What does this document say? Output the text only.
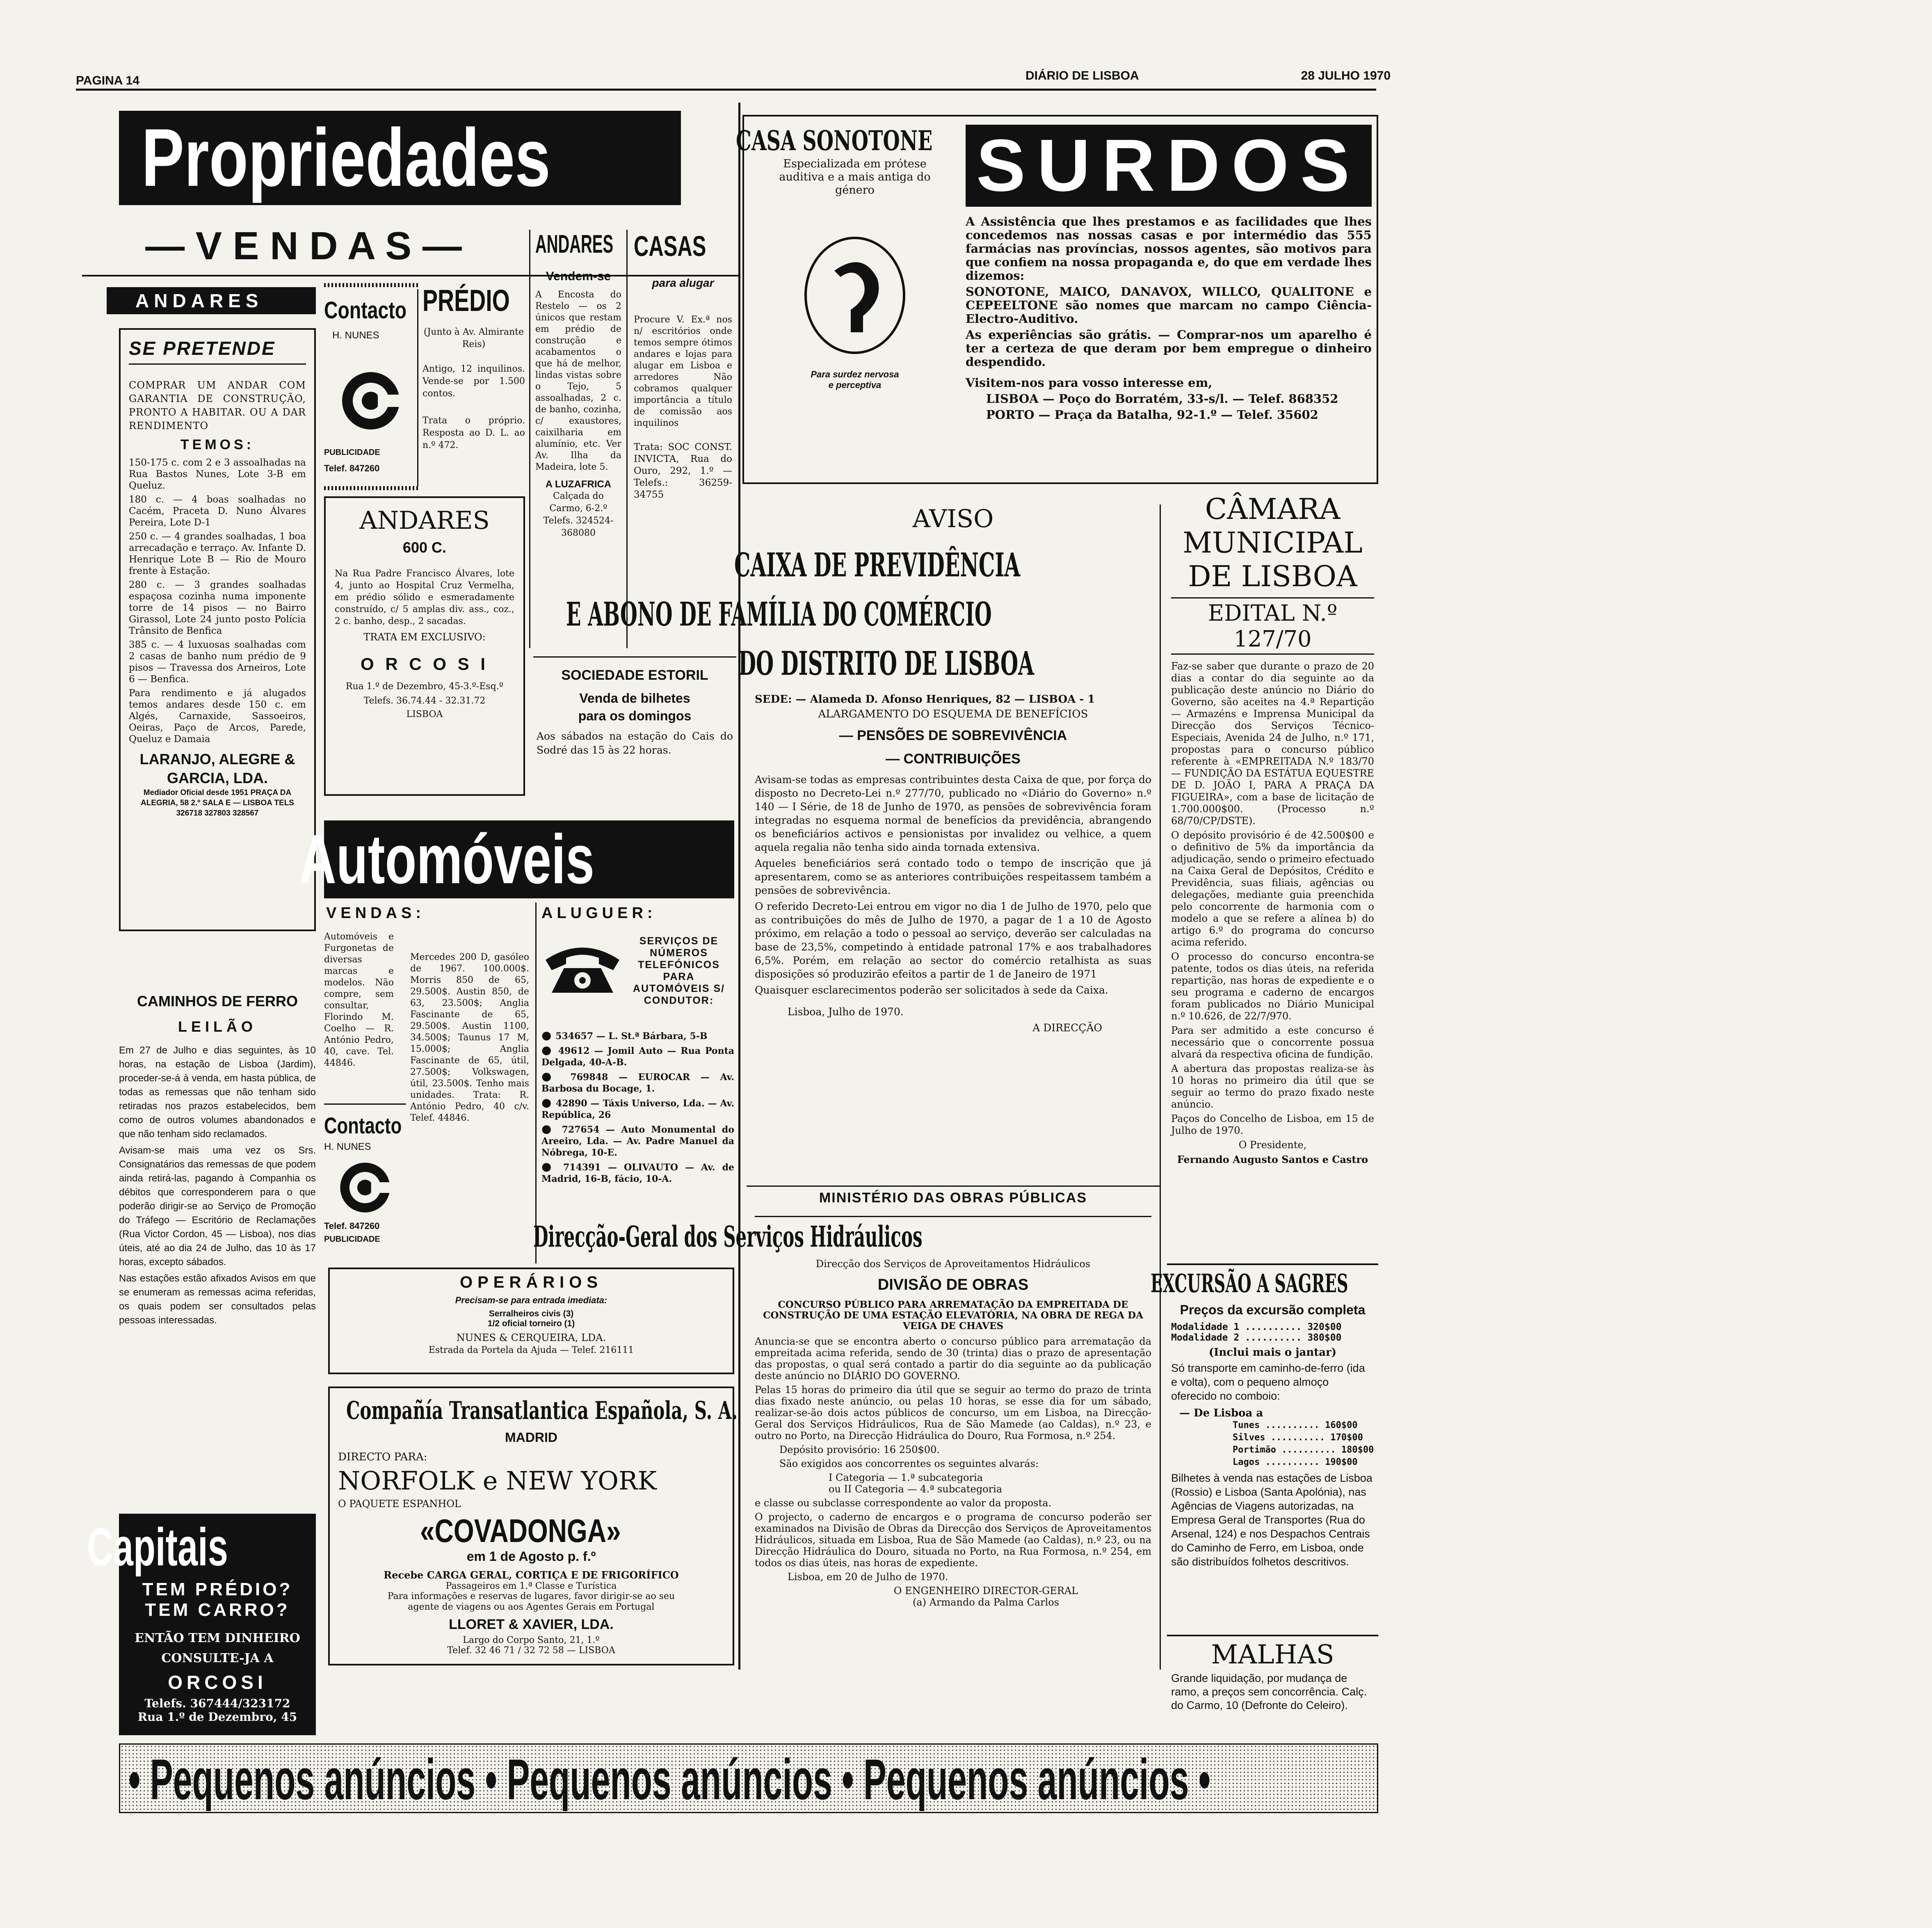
PAGINA 14	DIÁRIO DE LISBOA	28 JULHO 1970
Propriedades
— V E N D A S —
ANDARES
SE PRETENDE
COMPRAR UM ANDAR COM GARANTIA DE CONSTRUÇÃO, PRONTO A HABITAR. OU A DAR RENDIMENTO
TEMOS:

150-175 c. com 2 e 3 assoalhadas na Rua Bastos Nunes, Lote 3-B em Queluz.

180 c. — 4 boas soalhadas no Cacém, Praceta D. Nuno Álvares Pereira, Lote D-1

250 c. — 4 grandes soalhadas, 1 boa arrecadação e terraço. Av. Infante D. Henrique Lote B — Rio de Mouro frente à Estação.

280 c. — 3 grandes soalhadas espaçosa cozinha numa imponente torre de 14 pisos — no Bairro Girassol, Lote 24 junto posto Polícia Trânsito de Benfica

385 c. — 4 luxuosas soalhadas com 2 casas de banho num prédio de 9 pisos — Travessa dos Arneiros, Lote 6 — Benfica.

Para rendimento e já alugados temos andares desde 150 c. em Algés, Carnaxide, Sassoeiros, Oeiras, Paço de Arcos, Parede, Queluz e Damaia

LARANJO, ALEGRE & GARCIA, LDA.
Mediador Oficial desde 1951 PRAÇA DA ALEGRIA, 58 2.º SALA E — LISBOA TELS 326718 327803 328567
Contacto
H. NUNES
PUBLICIDADE
Telef. 847260
PRÉDIO
(Junto à Av. Almirante Reis)
Antigo, 12 inquilinos. Vende-se por 1.500 contos.
Trata o próprio. Resposta ao D. L. ao n.º 472.
ANDARES
600 C.
Na Rua Padre Francisco Álvares, lote 4, junto ao Hospital Cruz Vermelha, em prédio sólido e esmeradamente construído, c/ 5 amplas div. ass., coz., 2 c. banho, desp., 2 sacadas.
TRATA EM EXCLUSIVO:
O R C O S I
Rua 1.º de Dezembro, 45-3.º-Esq.º
Telefs. 36.74.44 - 32.31.72
LISBOA
ANDARES
Vendem-se
A Encosta do Restelo — os 2 únicos que restam em prédio de construção e acabamentos o que há de melhor, lindas vistas sobre o Tejo, 5 assoalhadas, 2 c. de banho, cozinha, c/ exaustores, caixilharia em alumínio, etc. Ver Av. Ilha da Madeira, lote 5.
A LUZAFRICA
Calçada do Carmo, 6-2.º Telefs. 324524-368080
CASAS
para alugar
Procure V. Ex.ª nos n/ escritórios onde temos sempre ótimos andares e lojas para alugar em Lisboa e arredores Não cobramos qualquer importância a título de comissão aos inquilinos
Trata: SOC CONST. INVICTA, Rua do Ouro, 292, 1.º — Telefs.: 36259-34755
SOCIEDADE ESTORIL
Venda de bilhetes
para os domingos
Aos sábados na estação do Cais do Sodré das 15 às 22 horas.
CAMINHOS DE FERRO
LEILÃO

Em 27 de Julho e dias seguintes, às 10 horas, na estação de Lisboa (Jardim), proceder-se-á à venda, em hasta pública, de todas as remessas que não tenham sido retiradas nos prazos estabelecidos, bem como de outros volumes abandonados e que não tenham sido reclamados.

Avisam-se mais uma vez os Srs. Consignatários das remessas de que podem ainda retirá-las, pagando à Companhia os débitos que corresponderem para o que poderão dirigir-se ao Serviço de Promoção do Tráfego — Escritório de Reclamações (Rua Victor Cordon, 45 — Lisboa), nos dias úteis, até ao dia 24 de Julho, das 10 às 17 horas, excepto sábados.

Nas estações estão afixados Avisos em que se enumeram as remessas acima referidas, os quais podem ser consultados pelas pessoas interessadas.

Automóveis
VENDAS:	ALUGUER:
Automóveis e Furgonetas de diversas marcas e modelos. Não compre, sem consultar, Florindo M. Coelho — R. António Pedro, 40, cave. Tel. 44846.
Mercedes 200 D, gasóleo de 1967. 100.000$. Morris 850 de 65, 29.500$. Austin 850, de 63, 23.500$; Anglia Fascinante de 65, 29.500$. Austin 1100, 34.500$; Taunus 17 M, 15.000$; Anglia Fascinante de 65, útil, 27.500$; Volkswagen, útil, 23.500$. Tenho mais unidades. Trata: R. António Pedro, 40 c/v. Telef. 44846.
Contacto
H. NUNES
Telef. 847260
PUBLICIDADE
SERVIÇOS DE NÚMEROS TELEFÓNICOS PARA AUTOMÓVEIS S/ CONDUTOR:
● 534657 — L. St.ª Bárbara, 5-B
● 49612 — Jomil Auto — Rua Ponta Delgada, 40-A-B.
● 769848 — EUROCAR — Av. Barbosa du Bocage, 1.
● 42890 — Táxis Universo, Lda. — Av. República, 26
● 727654 — Auto Monumental do Areeiro, Lda. — Av. Padre Manuel da Nóbrega, 10-E.
● 714391 — OLIVAUTO — Av. de Madrid, 16-B, fácio, 10-A.
OPERÁRIOS
Precisam-se para entrada imediata:
Serralheiros civis (3)
1/2 oficial torneiro (1)
NUNES & CERQUEIRA, LDA.
Estrada da Portela da Ajuda — Telef. 216111
Compañía Transatlantica Española, S. A.
MADRID
DIRECTO PARA:
NORFOLK e NEW YORK
O PAQUETE ESPANHOL
«COVADONGA»
em 1 de Agosto p. f.º
Recebe CARGA GERAL, CORTIÇA E DE FRIGORÍFICO
Passageiros em 1.ª Classe e Turística
Para informações e reservas de lugares, favor dirigir-se ao seu agente de viagens ou aos Agentes Gerais em Portugal
LLORET & XAVIER, LDA.
Largo do Corpo Santo, 21, 1.º
Telef. 32 46 71 / 32 72 58 — LISBOA
Capitais
TEM PRÉDIO?
TEM CARRO?
ENTÃO TEM DINHEIRO
CONSULTE-JA A
ORCOSI
Telefs. 367444/323172
Rua 1.º de Dezembro, 45
CASA SONOTONE
Especializada em prótese auditiva e a mais antiga do género
Para surdez nervosa e perceptiva
SURDOS

A Assistência que lhes prestamos e as facilidades que lhes concedemos nas nossas casas e por intermédio das 555 farmácias nas províncias, nossos agentes, são motivos para que confiem na nossa propaganda e, do que em verdade lhes dizemos:

SONOTONE, MAICO, DANAVOX, WILLCO, QUALITONE e CEPEELTONE são nomes que marcam no campo Ciência-Electro-Auditivo.

As experiências são grátis. — Comprar-nos um aparelho é ter a certeza de que deram por bem empregue o dinheiro despendido.

Visitem-nos para vosso interesse em,

LISBOA — Poço do Borratém, 33-s/l. — Telef. 868352

PORTO — Praça da Batalha, 92-1.º — Telef. 35602

AVISO
CAIXA DE PREVIDÊNCIA
E ABONO DE FAMÍLIA DO COMÉRCIO
DO DISTRITO DE LISBOA
SEDE: — Alameda D. Afonso Henriques, 82 — LISBOA - 1
ALARGAMENTO DO ESQUEMA DE BENEFÍCIOS
— PENSÕES DE SOBREVIVÊNCIA
— CONTRIBUIÇÕES

Avisam-se todas as empresas contribuintes desta Caixa de que, por força do disposto no Decreto-Lei n.º 277/70, publicado no «Diário do Governo» n.º 140 — I Série, de 18 de Junho de 1970, as pensões de sobrevivência foram integradas no esquema normal de benefícios da previdência, abrangendo os beneficiários activos e pensionistas por invalidez ou velhice, a quem aquela regalia não tenha sido ainda tornada extensiva.

Aqueles beneficiários será contado todo o tempo de inscrição que já apresentarem, como se as anteriores contribuições respeitassem também a pensões de sobrevivência.

O referido Decreto-Lei entrou em vigor no dia 1 de Julho de 1970, pelo que as contribuições do mês de Julho de 1970, a pagar de 1 a 10 de Agosto próximo, em relação a todo o pessoal ao serviço, deverão ser calculadas na base de 23,5%, competindo à entidade patronal 17% e aos trabalhadores 6,5%. Porém, em relação ao sector do comércio retalhista as suas disposições só produzirão efeitos a partir de 1 de Janeiro de 1971

Quaisquer esclarecimentos poderão ser solicitados à sede da Caixa.

Lisboa, Julho de 1970.

A DIRECÇÃO

CÂMARA
MUNICIPAL
DE LISBOA
EDITAL N.º 127/70

Faz-se saber que durante o prazo de 20 dias a contar do dia seguinte ao da publicação deste anúncio no Diário do Governo, são aceites na 4.ª Repartição — Armazéns e Imprensa Municipal da Direcção dos Serviços Técnico-Especiais, Avenida 24 de Julho, n.º 171, propostas para o concurso público referente à «EMPREITADA N.º 183/70 — FUNDIÇÃO DA ESTÁTUA EQUESTRE DE D. JOÃO I, PARA A PRAÇA DA FIGUEIRA», com a base de licitação de 1.700.000$00. (Processo n.º 68/70/CP/DSTE).

O depósito provisório é de 42.500$00 e o definitivo de 5% da importância da adjudicação, sendo o primeiro efectuado na Caixa Geral de Depósitos, Crédito e Previdência, suas filiais, agências ou delegações, mediante guia preenchida pelo concorrente de harmonia com o modelo a que se refere a alínea b) do artigo 6.º do programa do concurso acima referido.

O processo do concurso encontra-se patente, todos os dias úteis, na referida repartição, nas horas de expediente e o seu programa e caderno de encargos foram publicados no Diário Municipal n.º 10.626, de 22/7/970.

Para ser admitido a este concurso é necessário que o concorrente possua alvará da respectiva oficina de fundição.

A abertura das propostas realiza-se às 10 horas no primeiro dia útil que se seguir ao termo do prazo fixado neste anúncio.

Paços do Concelho de Lisboa, em 15 de Julho de 1970.

O Presidente,

Fernando Augusto Santos e Castro

MINISTÉRIO DAS OBRAS PÚBLICAS
Direcção-Geral dos Serviços Hidráulicos
Direcção dos Serviços de Aproveitamentos Hidráulicos
DIVISÃO DE OBRAS
CONCURSO PÚBLICO PARA ARREMATAÇÃO DA EMPREITADA DE CONSTRUÇÃO DE UMA ESTAÇÃO ELEVATÓRIA, NA OBRA DE REGA DA VEIGA DE CHAVES

Anuncia-se que se encontra aberto o concurso público para arrematação da empreitada acima referida, sendo de 30 (trinta) dias o prazo de apresentação das propostas, o qual será contado a partir do dia seguinte ao da publicação deste anúncio no DIÁRIO DO GOVERNO.

Pelas 15 horas do primeiro dia útil que se seguir ao termo do prazo de trinta dias fixado neste anúncio, ou pelas 10 horas, se esse dia for um sábado, realizar-se-ão dois actos públicos de concurso, um em Lisboa, na Direcção-Geral dos Serviços Hidráulicos, Rua de São Mamede (ao Caldas), n.º 23, e outro no Porto, na Direcção Hidráulica do Douro, Rua Formosa, n.º 254.

Depósito provisório: 16 250$00.

São exigidos aos concorrentes os seguintes alvarás:

I Categoria — 1.ª subcategoria

ou II Categoria — 4.ª subcategoria

e classe ou subclasse correspondente ao valor da proposta.

O projecto, o caderno de encargos e o programa de concurso poderão ser examinados na Divisão de Obras da Direcção dos Serviços de Aproveitamentos Hidráulicos, situada em Lisboa, Rua de São Mamede (ao Caldas), n.º 23, ou na Direcção Hidráulica do Douro, situada no Porto, na Rua Formosa, n.º 254, em todos os dias úteis, nas horas de expediente.

Lisboa, em 20 de Julho de 1970.

O ENGENHEIRO DIRECTOR-GERAL

(a) Armando da Palma Carlos

EXCURSÃO A SAGRES
Preços da excursão completa
Modalidade 1 .......... 320$00
Modalidade 2 .......... 380$00
(Inclui mais o jantar)
Só transporte em caminho-de-ferro (ida e volta), com o pequeno almoço oferecido no comboio:
— De Lisboa a
Tunes .......... 160$00
Silves .......... 170$00
Portimão .......... 180$00
Lagos .......... 190$00
Bilhetes à venda nas estações de Lisboa (Rossio) e Lisboa (Santa Apolónia), nas Agências de Viagens autorizadas, na Empresa Geral de Transportes (Rua do Arsenal, 124) e nos Despachos Centrais do Caminho de Ferro, em Lisboa, onde são distribuídos folhetos descritivos.
MALHAS
Grande liquidação, por mudança de ramo, a preços sem concorrência. Calç. do Carmo, 10 (Defronte do Celeiro).
• Pequenos anúncios • Pequenos anúncios • Pequenos anúncios •
